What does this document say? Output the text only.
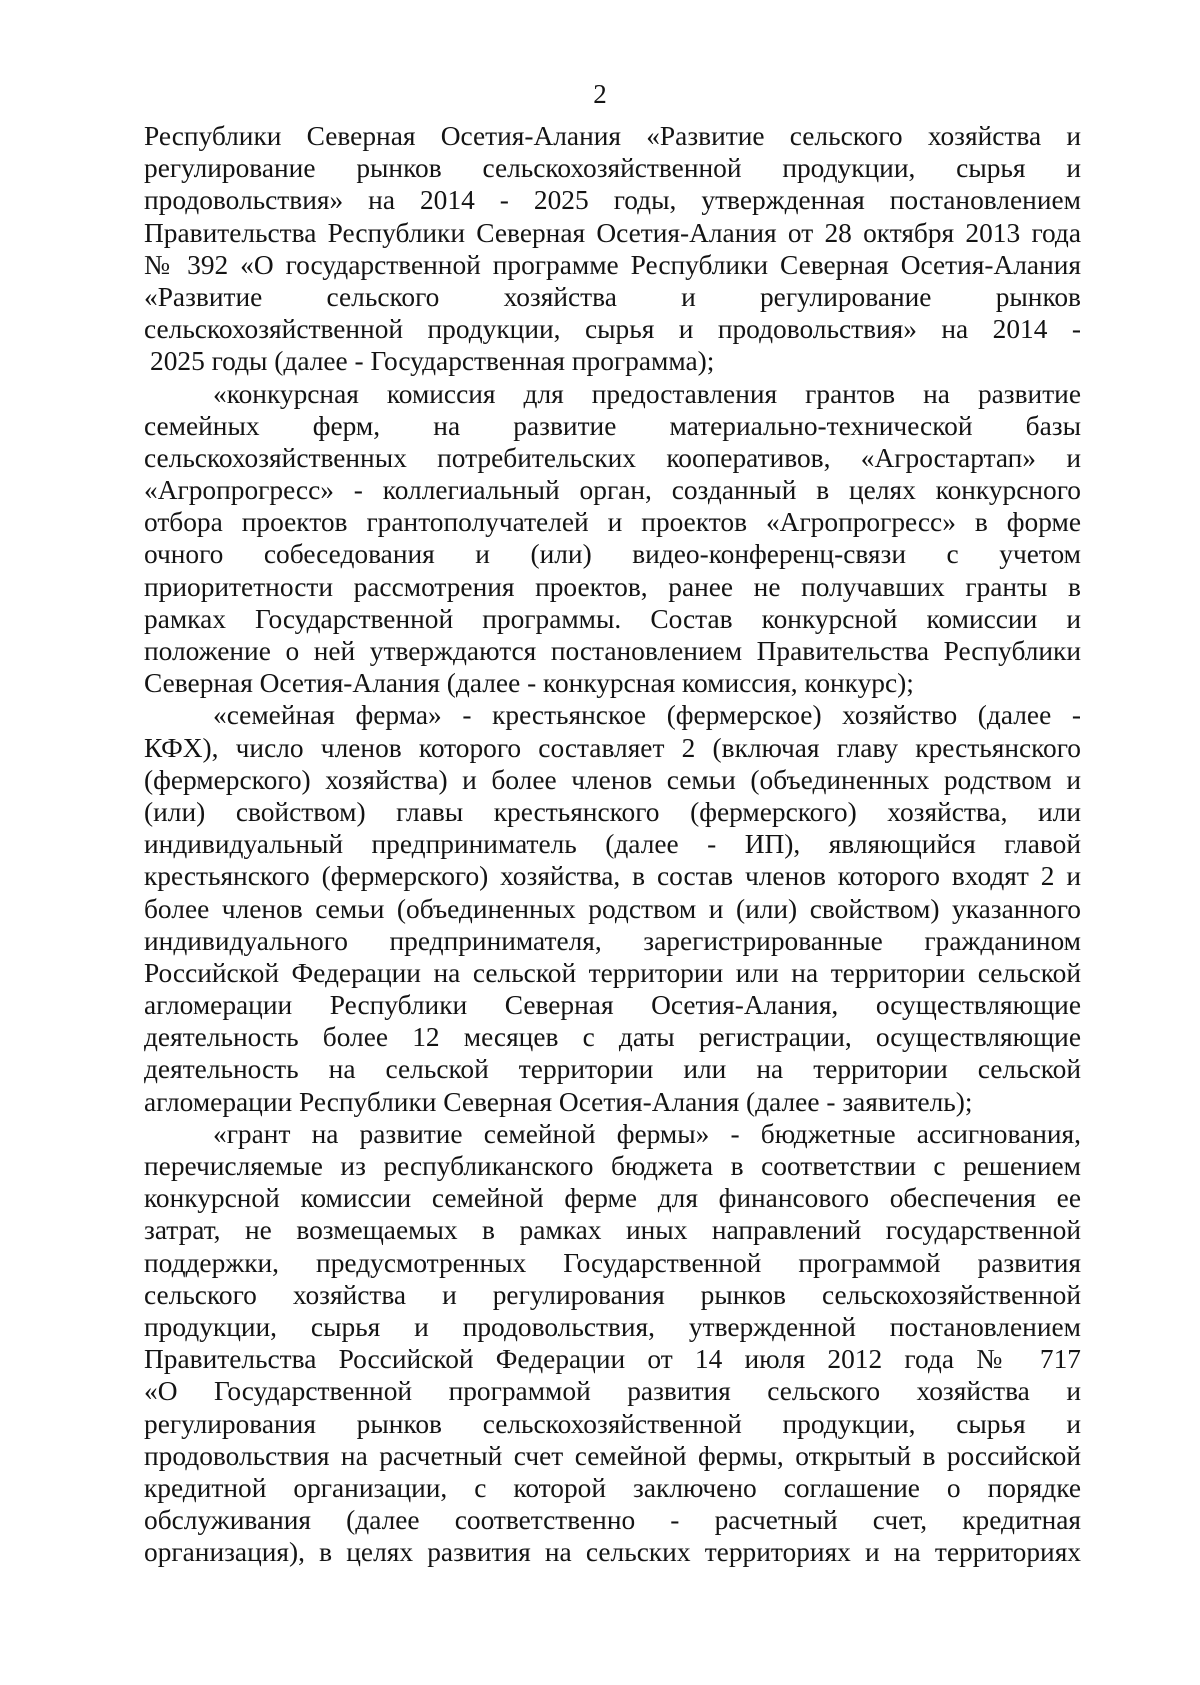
2
Республики Северная Осетия-Алания «Развитие сельского хозяйства и
регулирование рынков сельскохозяйственной продукции, сырья и
продовольствия» на 2014 - 2025 годы, утвержденная постановлением
Правительства Республики Северная Осетия-Алания от 28 октября 2013 года
№ 392 «О государственной программе Республики Северная Осетия-Алания
«Развитие сельского хозяйства и регулирование рынков
сельскохозяйственной продукции, сырья и продовольствия» на 2014 -
2025 годы (далее - Государственная программа);
«конкурсная комиссия для предоставления грантов на развитие
семейных ферм, на развитие материально-технической базы
сельскохозяйственных потребительских кооперативов, «Агростартап» и
«Агропрогресс» - коллегиальный орган, созданный в целях конкурсного
отбора проектов грантополучателей и проектов «Агропрогресс» в форме
очного собеседования и (или) видео-конференц-связи с учетом
приоритетности рассмотрения проектов, ранее не получавших гранты в
рамках Государственной программы. Состав конкурсной комиссии и
положение о ней утверждаются постановлением Правительства Республики
Северная Осетия-Алания (далее - конкурсная комиссия, конкурс);
«семейная ферма» - крестьянское (фермерское) хозяйство (далее -
КФХ), число членов которого составляет 2 (включая главу крестьянского
(фермерского) хозяйства) и более членов семьи (объединенных родством и
(или) свойством) главы крестьянского (фермерского) хозяйства, или
индивидуальный предприниматель (далее - ИП), являющийся главой
крестьянского (фермерского) хозяйства, в состав членов которого входят 2 и
более членов семьи (объединенных родством и (или) свойством) указанного
индивидуального предпринимателя, зарегистрированные гражданином
Российской Федерации на сельской территории или на территории сельской
агломерации Республики Северная Осетия-Алания, осуществляющие
деятельность более 12 месяцев с даты регистрации, осуществляющие
деятельность на сельской территории или на территории сельской
агломерации Республики Северная Осетия-Алания (далее - заявитель);
«грант на развитие семейной фермы» - бюджетные ассигнования,
перечисляемые из республиканского бюджета в соответствии с решением
конкурсной комиссии семейной ферме для финансового обеспечения ее
затрат, не возмещаемых в рамках иных направлений государственной
поддержки, предусмотренных Государственной программой развития
сельского хозяйства и регулирования рынков сельскохозяйственной
продукции, сырья и продовольствия, утвержденной постановлением
Правительства Российской Федерации от 14 июля 2012 года № 717
«О Государственной программой развития сельского хозяйства и
регулирования рынков сельскохозяйственной продукции, сырья и
продовольствия на расчетный счет семейной фермы, открытый в российской
кредитной организации, с которой заключено соглашение о порядке
обслуживания (далее соответственно - расчетный счет, кредитная
организация), в целях развития на сельских территориях и на территориях
